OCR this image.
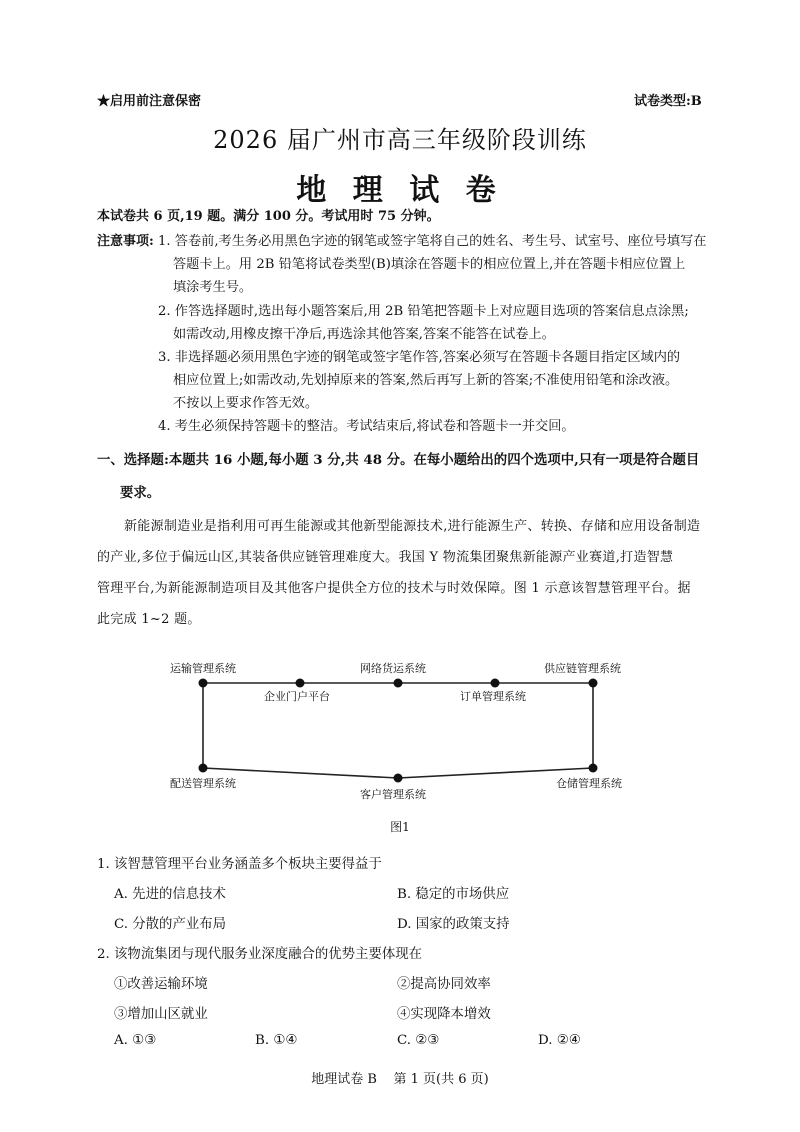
★启用前注意保密	试卷类型:B
2026 届广州市高三年级阶段训练
地 理 试 卷
本试卷共 6 页,19 题。满分 100 分。考试用时 75 分钟。
注意事项: 1. 答卷前,考生务必用黑色字迹的钢笔或签字笔将自己的姓名、考生号、试室号、座位号填写在
答题卡上。用 2B 铅笔将试卷类型(B)填涂在答题卡的相应位置上,并在答题卡相应位置上
填涂考生号。
2. 作答选择题时,选出每小题答案后,用 2B 铅笔把答题卡上对应题目选项的答案信息点涂黑;
如需改动,用橡皮擦干净后,再选涂其他答案,答案不能答在试卷上。
3. 非选择题必须用黑色字迹的钢笔或签字笔作答,答案必须写在答题卡各题目指定区域内的
相应位置上;如需改动,先划掉原来的答案,然后再写上新的答案;不准使用铅笔和涂改液。
不按以上要求作答无效。
4. 考生必须保持答题卡的整洁。考试结束后,将试卷和答题卡一并交回。
一、选择题:本题共 16 小题,每小题 3 分,共 48 分。在每小题给出的四个选项中,只有一项是符合题目
要求。
新能源制造业是指利用可再生能源或其他新型能源技术,进行能源生产、转换、存储和应用设备制造
的产业,多位于偏远山区,其装备供应链管理难度大。我国 Y 物流集团聚焦新能源产业赛道,打造智慧
管理平台,为新能源制造项目及其他客户提供全方位的技术与时效保障。图 1 示意该智慧管理平台。据
此完成 1~2 题。
运输管理系统	网络货运系统	供应链管理系统
企业门户平台	订单管理系统
配送管理系统
客户管理系统
仓储管理系统
图1
1. 该智慧管理平台业务涵盖多个板块主要得益于
A. 先进的信息技术	B. 稳定的市场供应
C. 分散的产业布局	D. 国家的政策支持
2. 该物流集团与现代服务业深度融合的优势主要体现在
①改善运输环境	②提高协同效率
③增加山区就业	④实现降本增效
A. ①③	B. ①④	C. ②③	D. ②④
地理试卷 B    第 1 页(共 6 页)
